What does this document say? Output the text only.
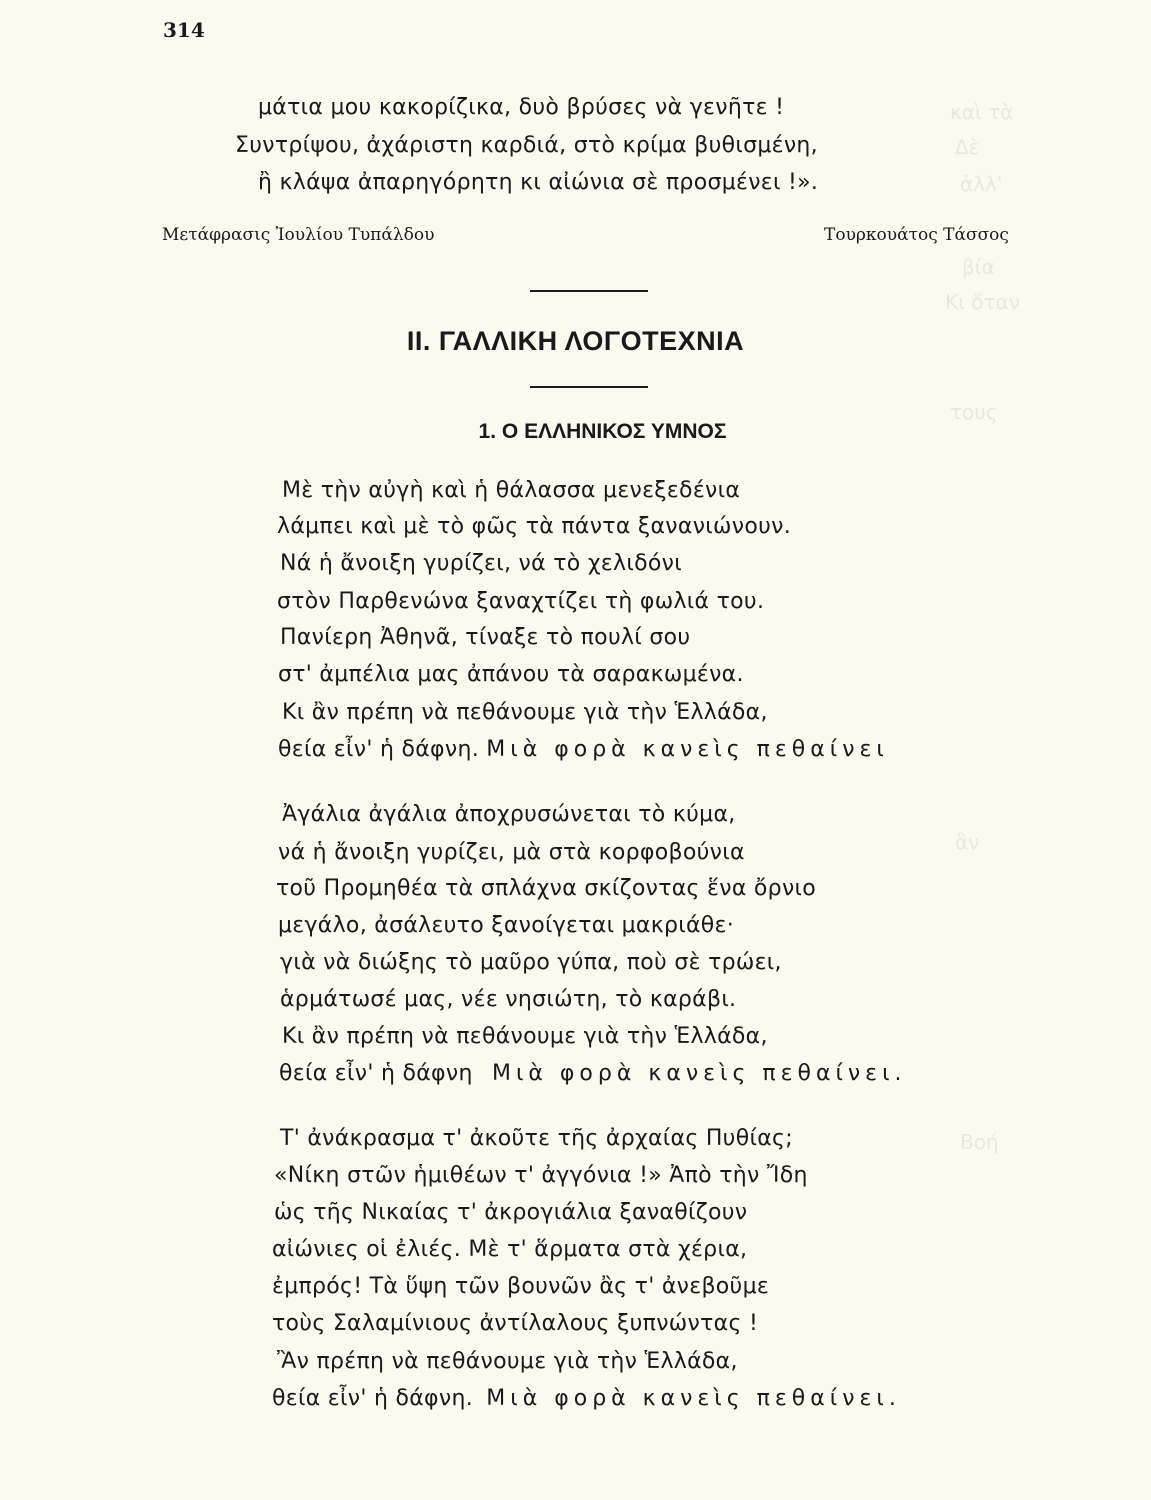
314
καὶ τὰ
Δὲ
ἀλλ'
βία
Κι ὅταν
τους
ἂν
Βοή
μάτια μου κακορίζικα, δυὸ βρύσες νὰ γενῆτε !
Συντρίψου, ἀχάριστη καρδιά, στὸ κρίμα βυθισμένη,
ἢ κλάψα ἀπαρηγόρητη κι αἰώνια σὲ προσμένει !».
Μετάφρασις Ἰουλίου Τυπάλδου	Τουρκουάτος Τάσσος
ΙΙ. ΓΑΛΛΙΚΗ ΛΟΓΟΤΕΧΝΙΑ
1. Ο ΕΛΛΗΝΙΚΟΣ ΥΜΝΟΣ
Μὲ τὴν αὐγὴ καὶ ἡ θάλασσα μενεξεδένια
λάμπει καὶ μὲ τὸ φῶς τὰ πάντα ξανανιώνουν.
Νά ἡ ἄνοιξη γυρίζει, νά τὸ χελιδόνι
στὸν Παρθενώνα ξαναχτίζει τὴ φωλιά του.
Πανίερη Ἀθηνᾶ, τίναξε τὸ πουλί σου
στ' ἀμπέλια μας ἀπάνου τὰ σαρακωμένα.
Κι ἂν πρέπη νὰ πεθάνουμε γιὰ τὴν Ἑλλάδα,
θεία εἶν' ἡ δάφνη. Μιὰ φορὰ κανεὶς πεθαίνει
Ἀγάλια ἀγάλια ἀποχρυσώνεται τὸ κύμα,
νά ἡ ἄνοιξη γυρίζει, μὰ στὰ κορφοβούνια
τοῦ Προμηθέα τὰ σπλάχνα σκίζοντας ἕνα ὄρνιο
μεγάλο, ἀσάλευτο ξανοίγεται μακριάθε·
γιὰ νὰ διώξης τὸ μαῦρο γύπα, ποὺ σὲ τρώει,
ἁρμάτωσέ μας, νέε νησιώτη, τὸ καράβι.
Κι ἂν πρέπη νὰ πεθάνουμε γιὰ τὴν Ἑλλάδα,
θεία εἶν' ἡ δάφνη Μιὰ φορὰ κανεὶς πεθαίνει.
Τ' ἀνάκρασμα τ' ἀκοῦτε τῆς ἀρχαίας Πυθίας;
«Νίκη στῶν ἡμιθέων τ' ἀγγόνια !» Ἀπὸ τὴν Ἴδη
ὡς τῆς Νικαίας τ' ἀκρογιάλια ξαναθίζουν
αἰώνιες οἱ ἐλιές. Μὲ τ' ἅρματα στὰ χέρια,
ἐμπρός! Τὰ ὕψη τῶν βουνῶν ἂς τ' ἀνεβοῦμε
τοὺς Σαλαμίνιους ἀντίλαλους ξυπνώντας !
Ἂν πρέπη νὰ πεθάνουμε γιὰ τὴν Ἑλλάδα,
θεία εἶν' ἡ δάφνη. Μιὰ φορὰ κανεὶς πεθαίνει.
